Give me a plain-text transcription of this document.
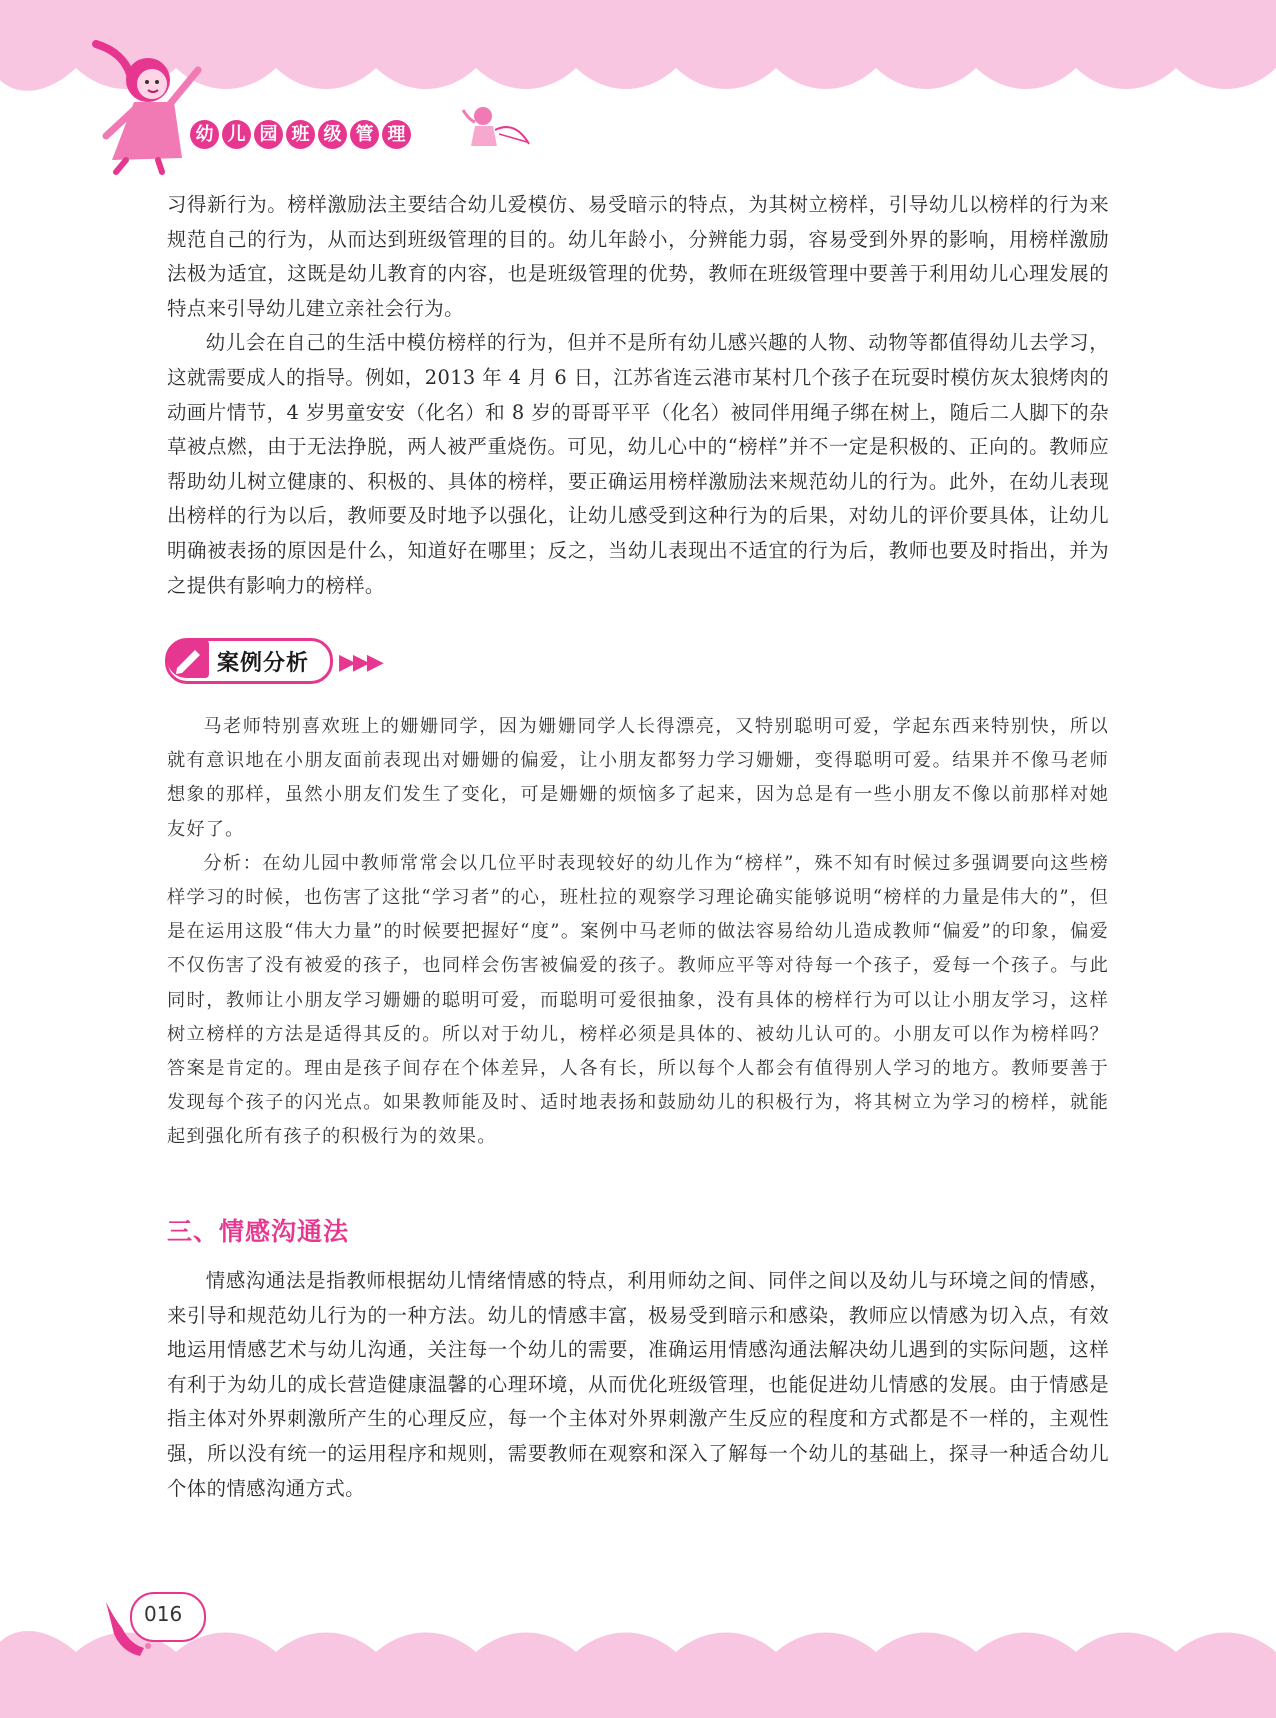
幼 儿 园 班 级 管 理

习得新行为。榜样激励法主要结合幼儿爱模仿、易受暗示的特点，为其树立榜样，引导幼儿以榜样的行为来规范自己的行为，从而达到班级管理的目的。幼儿年龄小，分辨能力弱，容易受到外界的影响，用榜样激励法极为适宜，这既是幼儿教育的内容，也是班级管理的优势，教师在班级管理中要善于利用幼儿心理发展的特点来引导幼儿建立亲社会行为。

幼儿会在自己的生活中模仿榜样的行为，但并不是所有幼儿感兴趣的人物、动物等都值得幼儿去学习，这就需要成人的指导。例如，2013 年 4 月 6 日，江苏省连云港市某村几个孩子在玩耍时模仿灰太狼烤肉的动画片情节，4 岁男童安安（化名）和 8 岁的哥哥平平（化名）被同伴用绳子绑在树上，随后二人脚下的杂草被点燃，由于无法挣脱，两人被严重烧伤。可见，幼儿心中的“榜样”并不一定是积极的、正向的。教师应帮助幼儿树立健康的、积极的、具体的榜样，要正确运用榜样激励法来规范幼儿的行为。此外，在幼儿表现出榜样的行为以后，教师要及时地予以强化，让幼儿感受到这种行为的后果，对幼儿的评价要具体，让幼儿明确被表扬的原因是什么，知道好在哪里；反之，当幼儿表现出不适宜的行为后，教师也要及时指出，并为之提供有影响力的榜样。

案例分析 ▶▶▶

马老师特别喜欢班上的姗姗同学，因为姗姗同学人长得漂亮，又特别聪明可爱，学起东西来特别快，所以就有意识地在小朋友面前表现出对姗姗的偏爱，让小朋友都努力学习姗姗，变得聪明可爱。结果并不像马老师想象的那样，虽然小朋友们发生了变化，可是姗姗的烦恼多了起来，因为总是有一些小朋友不像以前那样对她友好了。

分析：在幼儿园中教师常常会以几位平时表现较好的幼儿作为“榜样”，殊不知有时候过多强调要向这些榜样学习的时候，也伤害了这批“学习者”的心，班杜拉的观察学习理论确实能够说明“榜样的力量是伟大的”，但是在运用这股“伟大力量”的时候要把握好“度”。案例中马老师的做法容易给幼儿造成教师“偏爱”的印象，偏爱不仅伤害了没有被爱的孩子，也同样会伤害被偏爱的孩子。教师应平等对待每一个孩子，爱每一个孩子。与此同时，教师让小朋友学习姗姗的聪明可爱，而聪明可爱很抽象，没有具体的榜样行为可以让小朋友学习，这样树立榜样的方法是适得其反的。所以对于幼儿，榜样必须是具体的、被幼儿认可的。小朋友可以作为榜样吗？答案是肯定的。理由是孩子间存在个体差异，人各有长，所以每个人都会有值得别人学习的地方。教师要善于发现每个孩子的闪光点。如果教师能及时、适时地表扬和鼓励幼儿的积极行为，将其树立为学习的榜样，就能起到强化所有孩子的积极行为的效果。

三、情感沟通法

情感沟通法是指教师根据幼儿情绪情感的特点，利用师幼之间、同伴之间以及幼儿与环境之间的情感，来引导和规范幼儿行为的一种方法。幼儿的情感丰富，极易受到暗示和感染，教师应以情感为切入点，有效地运用情感艺术与幼儿沟通，关注每一个幼儿的需要，准确运用情感沟通法解决幼儿遇到的实际问题，这样有利于为幼儿的成长营造健康温馨的心理环境，从而优化班级管理，也能促进幼儿情感的发展。由于情感是指主体对外界刺激所产生的心理反应，每一个主体对外界刺激产生反应的程度和方式都是不一样的，主观性强，所以没有统一的运用程序和规则，需要教师在观察和深入了解每一个幼儿的基础上，探寻一种适合幼儿个体的情感沟通方式。

016
